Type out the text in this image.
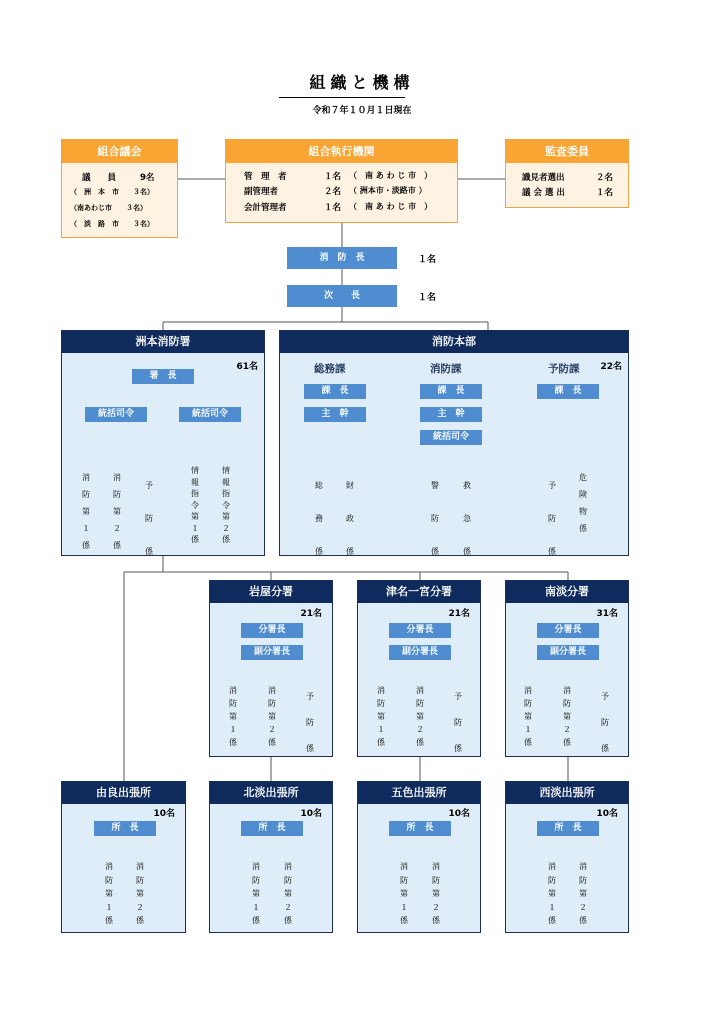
組織と機構
令和７年１０月１日現在
組合議会
議　　員	9名
（　洲　本　市　　３名）
（南あわじ市　　３名）
（　淡　路　市　　３名）
組合執行機関
管　理　者	１名 （　南 あ わ じ 市　）
副管理者	２名 （ 洲本市・淡路市 ）
会計管理者	１名 （　南 あ わ じ 市　）
監査委員
識見者選出	２名
議 会 選 出	１名
消　防　長	１名
次　　長	１名
洲本消防署
61名
署　長
統括司令	統括司令
消防第１係
消防第２係
予防係
情報指令第１係
情報指令第２係
消防本部
22名
総務課
課　長
主　幹
総務係
財政係
消防課
課　長
主　幹
統括司令
警防係
救急係
予防課
課　長
予防係
危険物係
岩屋分署
21名
分署長
副分署長
消防第１係
消防第２係
予防係
津名一宮分署
21名
分署長
副分署長
消防第１係
消防第２係
予防係
南淡分署
31名
分署長
副分署長
消防第１係
消防第２係
予防係
由良出張所
10名
所　長
消防第１係
消防第２係
北淡出張所
10名
所　長
消防第１係
消防第２係
五色出張所
10名
所　長
消防第１係
消防第２係
西淡出張所
10名
所　長
消防第１係
消防第２係
